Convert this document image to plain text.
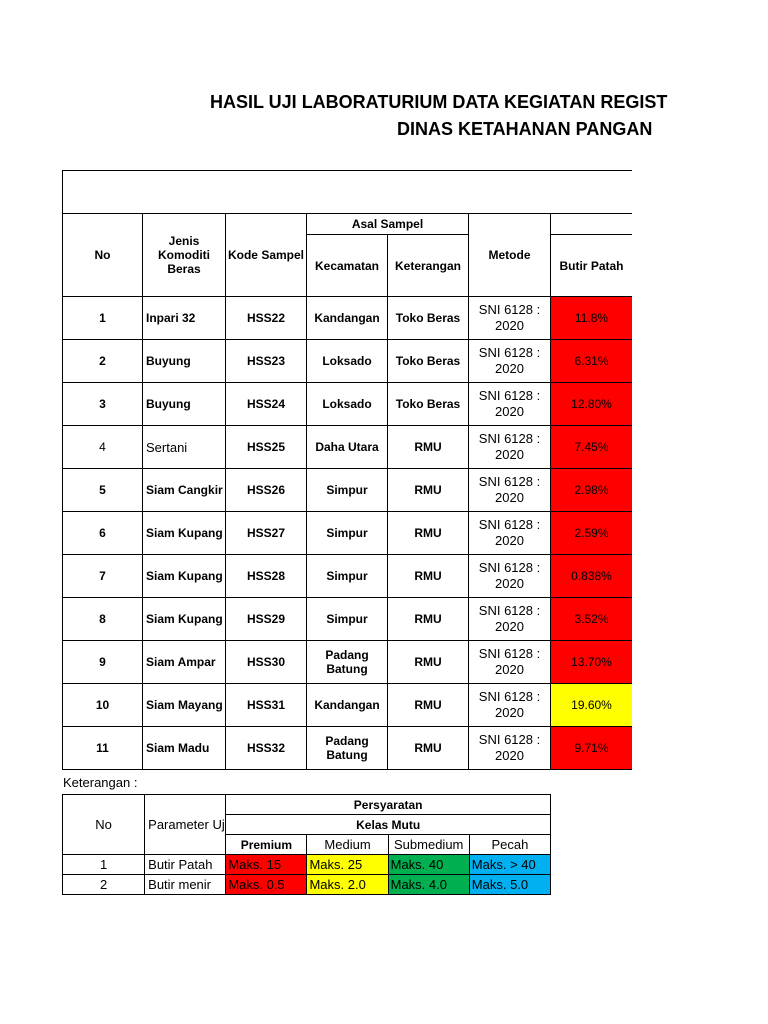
HASIL UJI LABORATURIUM DATA KEGIATAN REGIST
DINAS KETAHANAN PANGAN

No	Jenis Komoditi Beras	Kode Sampel	Asal Sampel		Metode		
			Kecamatan	Keterangan		Butir Patah	
1	Inpari 32	HSS22	Kandangan	Toko Beras	SNI 6128 : 2020	11.8%	
2	Buyung	HSS23	Loksado	Toko Beras	SNI 6128 : 2020	6.31%	
3	Buyung	HSS24	Loksado	Toko Beras	SNI 6128 : 2020	12.80%	
4	Sertani	HSS25	Daha Utara	RMU	SNI 6128 : 2020	7.45%	
5	Siam Cangkir	HSS26	Simpur	RMU	SNI 6128 : 2020	2.98%	
6	Siam Kupang	HSS27	Simpur	RMU	SNI 6128 : 2020	2.59%	
7	Siam Kupang	HSS28	Simpur	RMU	SNI 6128 : 2020	0.838%	
8	Siam Kupang	HSS29	Simpur	RMU	SNI 6128 : 2020	3.52%	
9	Siam Ampar	HSS30	Padang Batung	RMU	SNI 6128 : 2020	13.70%	
10	Siam Mayang	HSS31	Kandangan	RMU	SNI 6128 : 2020	19.60%	
11	Siam Madu	HSS32	Padang Batung	RMU	SNI 6128 : 2020	9.71%	
Keterangan :
No	Parameter Uj	Persyaratan			
		Kelas Mutu			
		Premium	Medium	Submedium	Pecah
1	Butir Patah	Maks. 15	Maks. 25	Maks. 40	Maks. > 40
2	Butir menir	Maks. 0.5	Maks. 2.0	Maks. 4.0	Maks. 5.0
